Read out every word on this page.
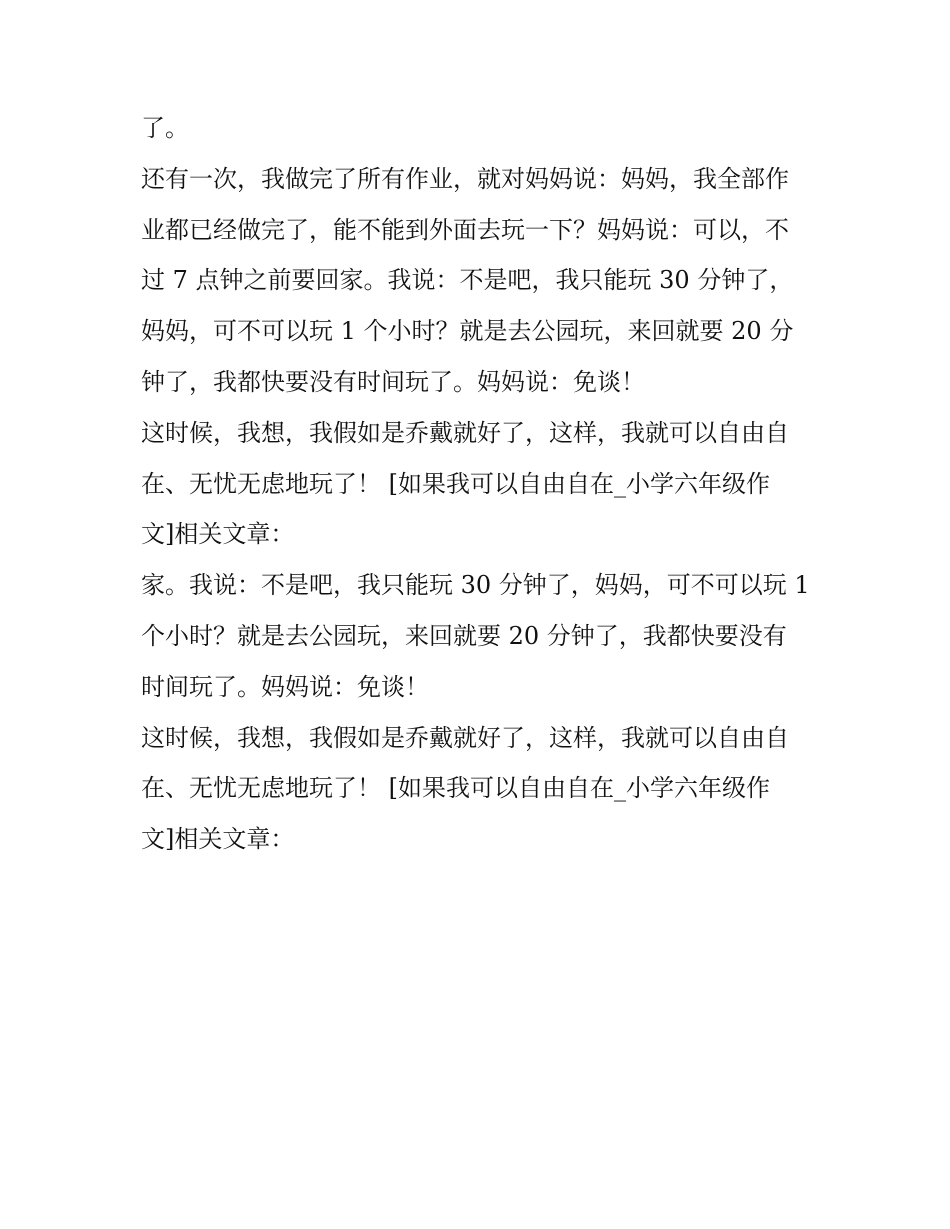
了。
还有一次，我做完了所有作业，就对妈妈说：妈妈，我全部作
业都已经做完了，能不能到外面去玩一下？妈妈说：可以，不
过 7 点钟之前要回家。我说：不是吧，我只能玩 30 分钟了，
妈妈，可不可以玩 1 个小时？就是去公园玩，来回就要 20 分
钟了，我都快要没有时间玩了。妈妈说：免谈！
这时候，我想，我假如是乔戴就好了，这样，我就可以自由自
在、无忧无虑地玩了！ [如果我可以自由自在_小学六年级作
文]相关文章：
家。我说：不是吧，我只能玩 30 分钟了，妈妈，可不可以玩 1
个小时？就是去公园玩，来回就要 20 分钟了，我都快要没有
时间玩了。妈妈说：免谈！
这时候，我想，我假如是乔戴就好了，这样，我就可以自由自
在、无忧无虑地玩了！ [如果我可以自由自在_小学六年级作
文]相关文章：
